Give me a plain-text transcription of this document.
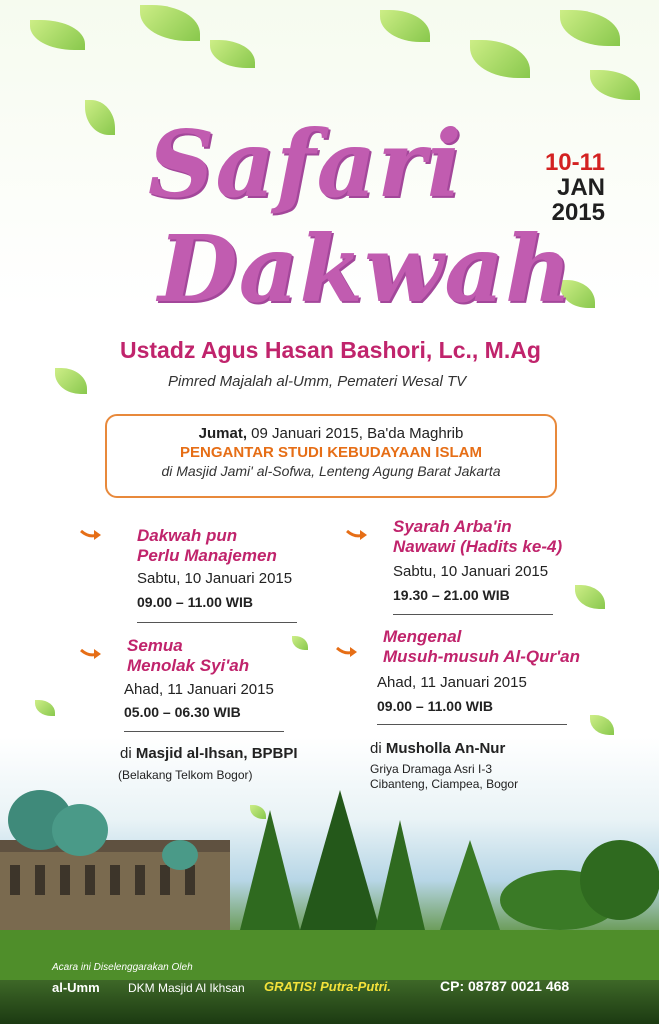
Safari
Dakwah
10-11
JAN
2015
Ustadz Agus Hasan Bashori, Lc., M.Ag
Pimred Majalah al-Umm, Pemateri Wesal TV
Jumat, 09 Januari 2015, Ba'da Maghrib
PENGANTAR STUDI KEBUDAYAAN ISLAM
di Masjid Jami' al-Sofwa, Lenteng Agung Barat Jakarta
Dakwah pun
Perlu Manajemen
Sabtu, 10 Januari 2015
09.00 – 11.00 WIB
Syarah Arba'in
Nawawi (Hadits ke-4)
Sabtu, 10 Januari 2015
19.30 – 21.00 WIB
Semua
Menolak Syi'ah
Ahad, 11 Januari 2015
05.00 – 06.30 WIB
Mengenal
Musuh-musuh Al-Qur'an
Ahad, 11 Januari 2015
09.00 – 11.00 WIB
di Masjid al-Ihsan, BPBPI
(Belakang Telkom Bogor)
di Musholla An-Nur
Griya Dramaga Asri I-3
Cibanteng, Ciampea, Bogor
Acara ini Diselenggarakan Oleh
al-Umm DKM Masjid Al Ikhsan GRATIS! Putra-Putri.	CP: 08787 0021 468
